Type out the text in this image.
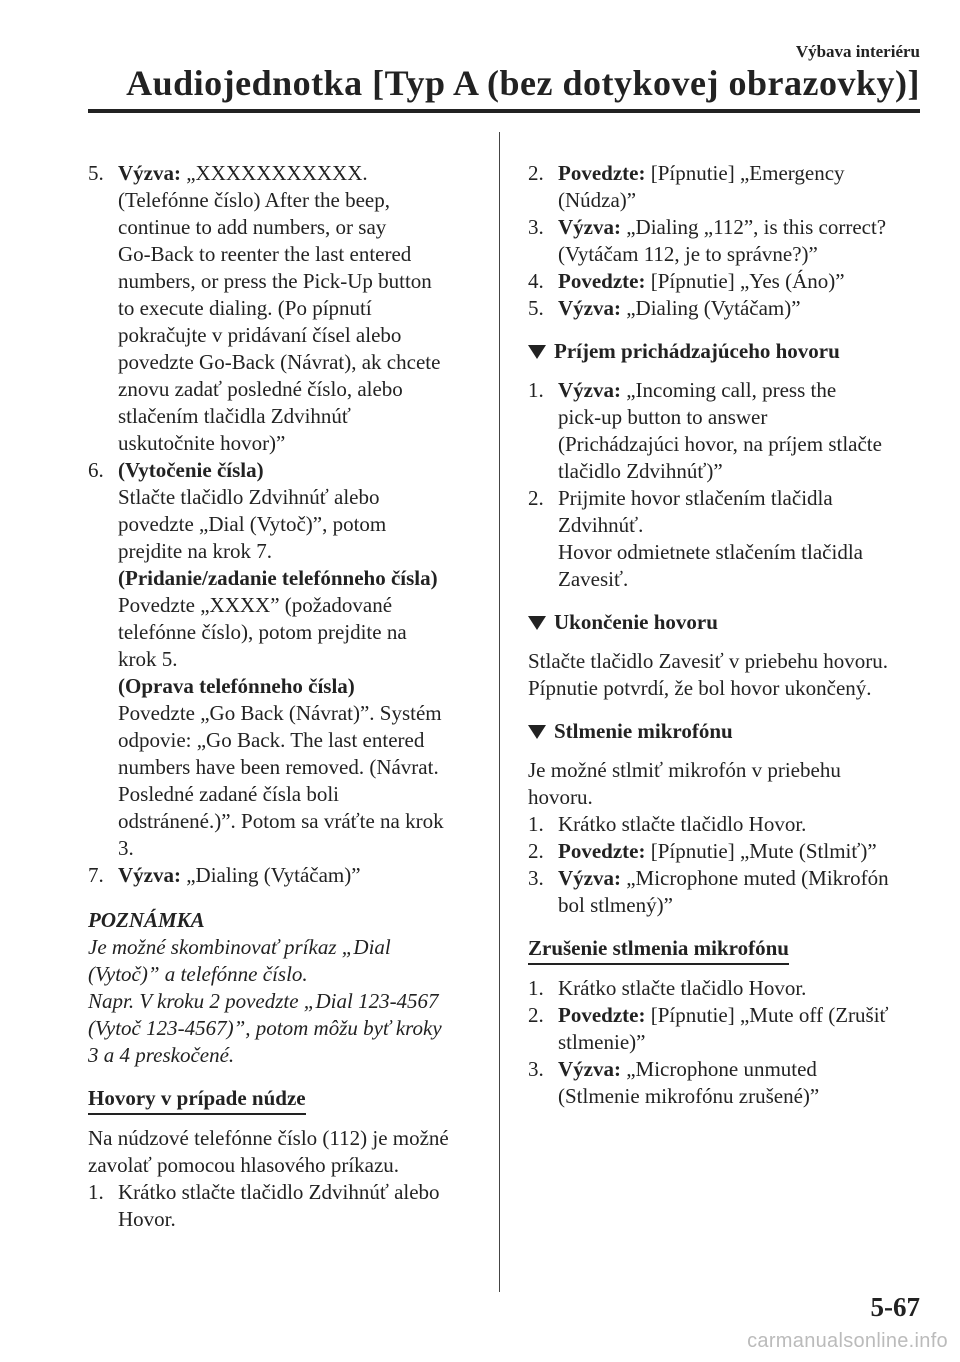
Výbava interiéru
Audiojednotka [Typ A (bez dotykovej obrazovky)]
5. Výzva: „XXXXXXXXXXX.
(Telefónne číslo) After the beep,
continue to add numbers, or say
Go-Back to reenter the last entered
numbers, or press the Pick-Up button
to execute dialing. (Po pípnutí
pokračujte v pridávaní čísel alebo
povedzte Go-Back (Návrat), ak chcete
znovu zadať posledné číslo, alebo
stlačením tlačidla Zdvihnúť
uskutočnite hovor)”
6. (Vytočenie čísla)
Stlačte tlačidlo Zdvihnúť alebo
povedzte „Dial (Vytoč)”, potom
prejdite na krok 7.
(Pridanie/zadanie telefónneho čísla)
Povedzte „XXXX” (požadované
telefónne číslo), potom prejdite na
krok 5.
(Oprava telefónneho čísla)
Povedzte „Go Back (Návrat)”. Systém
odpovie: „Go Back. The last entered
numbers have been removed. (Návrat.
Posledné zadané čísla boli
odstránené.)”. Potom sa vráťte na krok
3.
7. Výzva: „Dialing (Vytáčam)”
POZNÁMKA
Je možné skombinovať príkaz „Dial
(Vytoč)” a telefónne číslo.
Napr. V kroku 2 povedzte „Dial 123-4567
(Vytoč 123-4567)”, potom môžu byť kroky
3 a 4 preskočené.
Hovory v prípade núdze
Na núdzové telefónne číslo (112) je možné
zavolať pomocou hlasového príkazu.
1. Krátko stlačte tlačidlo Zdvihnúť alebo
Hovor.
2. Povedzte: [Pípnutie] „Emergency
(Núdza)”
3. Výzva: „Dialing „112”, is this correct?
(Vytáčam 112, je to správne?)”
4. Povedzte: [Pípnutie] „Yes (Áno)”
5. Výzva: „Dialing (Vytáčam)”
Príjem prichádzajúceho hovoru
1. Výzva: „Incoming call, press the
pick-up button to answer
(Prichádzajúci hovor, na príjem stlačte
tlačidlo Zdvihnúť)”
2. Prijmite hovor stlačením tlačidla
Zdvihnúť.
Hovor odmietnete stlačením tlačidla
Zavesiť.
Ukončenie hovoru
Stlačte tlačidlo Zavesiť v priebehu hovoru.
Pípnutie potvrdí, že bol hovor ukončený.
Stlmenie mikrofónu
Je možné stlmiť mikrofón v priebehu
hovoru.
1. Krátko stlačte tlačidlo Hovor.
2. Povedzte: [Pípnutie] „Mute (Stlmiť)”
3. Výzva: „Microphone muted (Mikrofón
bol stlmený)”
Zrušenie stlmenia mikrofónu
1. Krátko stlačte tlačidlo Hovor.
2. Povedzte: [Pípnutie] „Mute off (Zrušiť
stlmenie)”
3. Výzva: „Microphone unmuted
(Stlmenie mikrofónu zrušené)”
5-67
carmanualsonline.info
